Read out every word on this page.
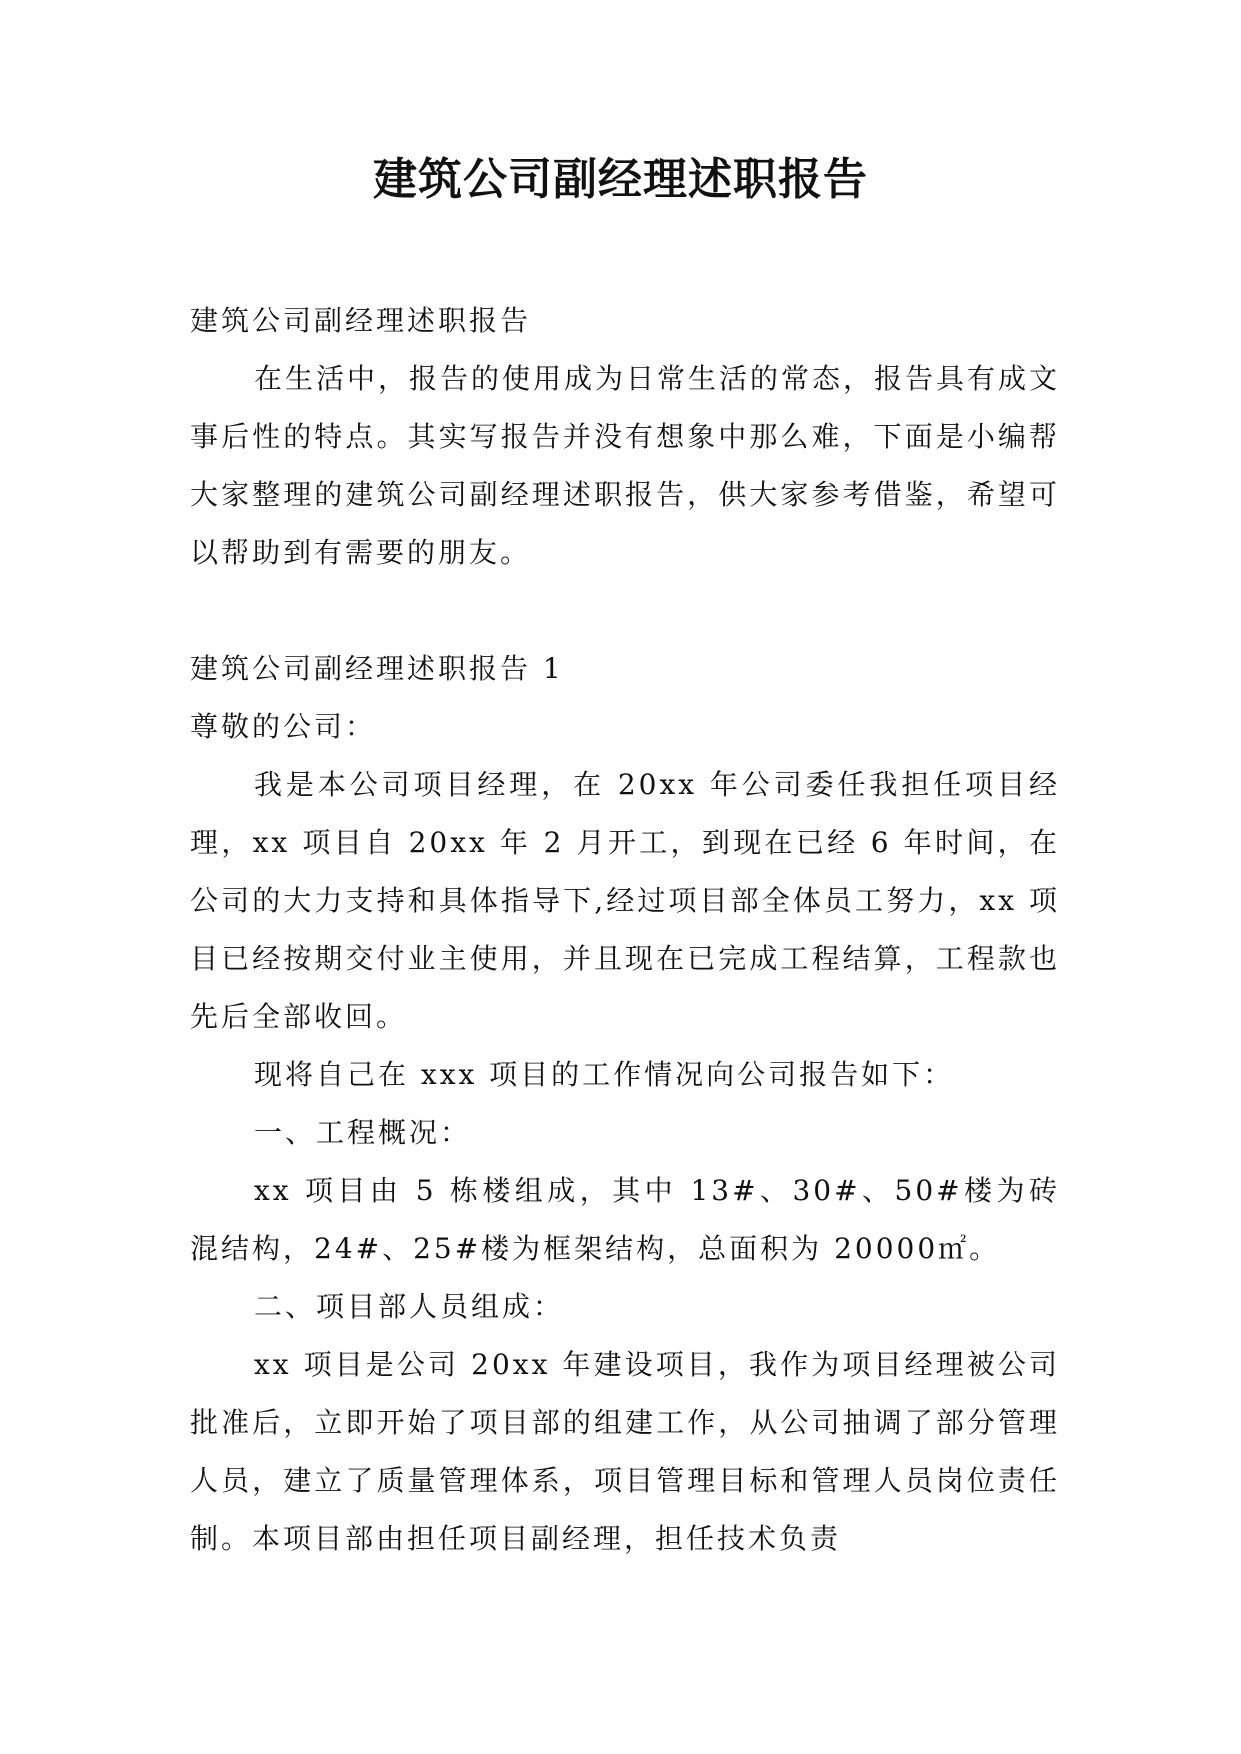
建筑公司副经理述职报告

建筑公司副经理述职报告

在生活中，报告的使用成为日常生活的常态，报告具有成文事后性的特点。其实写报告并没有想象中那么难，下面是小编帮大家整理的建筑公司副经理述职报告，供大家参考借鉴，希望可以帮助到有需要的朋友。

建筑公司副经理述职报告 1

尊敬的公司：

我是本公司项目经理，在 20xx 年公司委任我担任项目经理，xx 项目自 20xx 年 2 月开工，到现在已经 6 年时间，在公司的大力支持和具体指导下,经过项目部全体员工努力，xx 项目已经按期交付业主使用，并且现在已完成工程结算，工程款也先后全部收回。

现将自己在 xxx 项目的工作情况向公司报告如下：

一、工程概况：

xx 项目由 5 栋楼组成，其中 13#、30#、50#楼为砖混结构，24#、25#楼为框架结构，总面积为 20000㎡。

二、项目部人员组成：

xx 项目是公司 20xx 年建设项目，我作为项目经理被公司批准后，立即开始了项目部的组建工作，从公司抽调了部分管理人员，建立了质量管理体系，项目管理目标和管理人员岗位责任制。本项目部由担任项目副经理，担任技术负责
